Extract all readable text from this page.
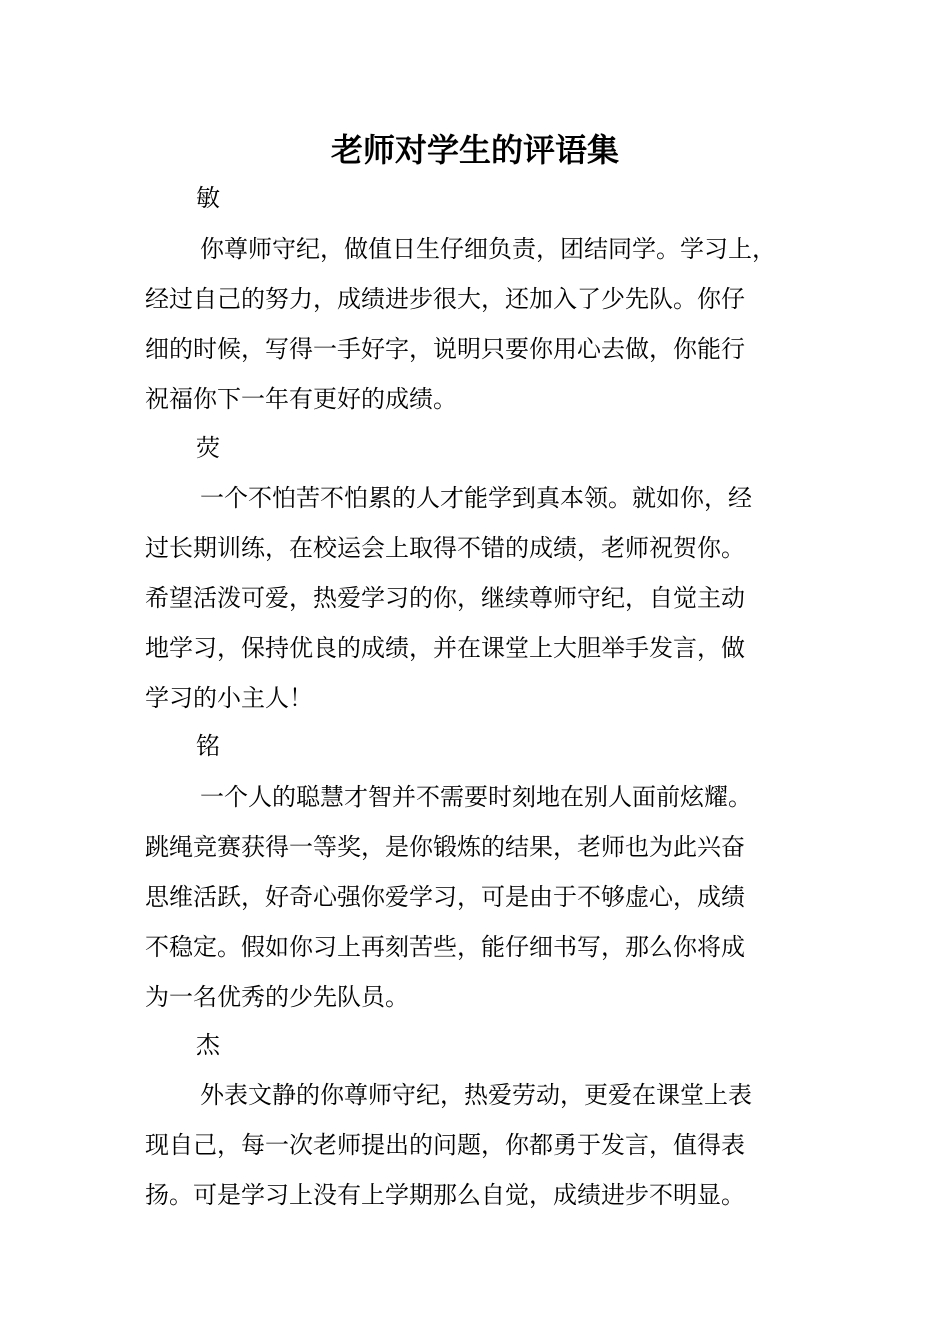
老师对学生的评语集
敏
你尊师守纪，做值日生仔细负责，团结同学。学习上，
经过自己的努力，成绩进步很大，还加入了少先队。你仔
细的时候，写得一手好字，说明只要你用心去做，你能行
祝福你下一年有更好的成绩。
荧
一个不怕苦不怕累的人才能学到真本领。就如你，经
过长期训练，在校运会上取得不错的成绩，老师祝贺你。
希望活泼可爱，热爱学习的你，继续尊师守纪，自觉主动
地学习，保持优良的成绩，并在课堂上大胆举手发言，做
学习的小主人！
铭
一个人的聪慧才智并不需要时刻地在别人面前炫耀。
跳绳竞赛获得一等奖，是你锻炼的结果，老师也为此兴奋
思维活跃，好奇心强你爱学习，可是由于不够虚心，成绩
不稳定。假如你习上再刻苦些，能仔细书写，那么你将成
为一名优秀的少先队员。
杰
外表文静的你尊师守纪，热爱劳动，更爱在课堂上表
现自己，每一次老师提出的问题，你都勇于发言，值得表
扬。可是学习上没有上学期那么自觉，成绩进步不明显。
